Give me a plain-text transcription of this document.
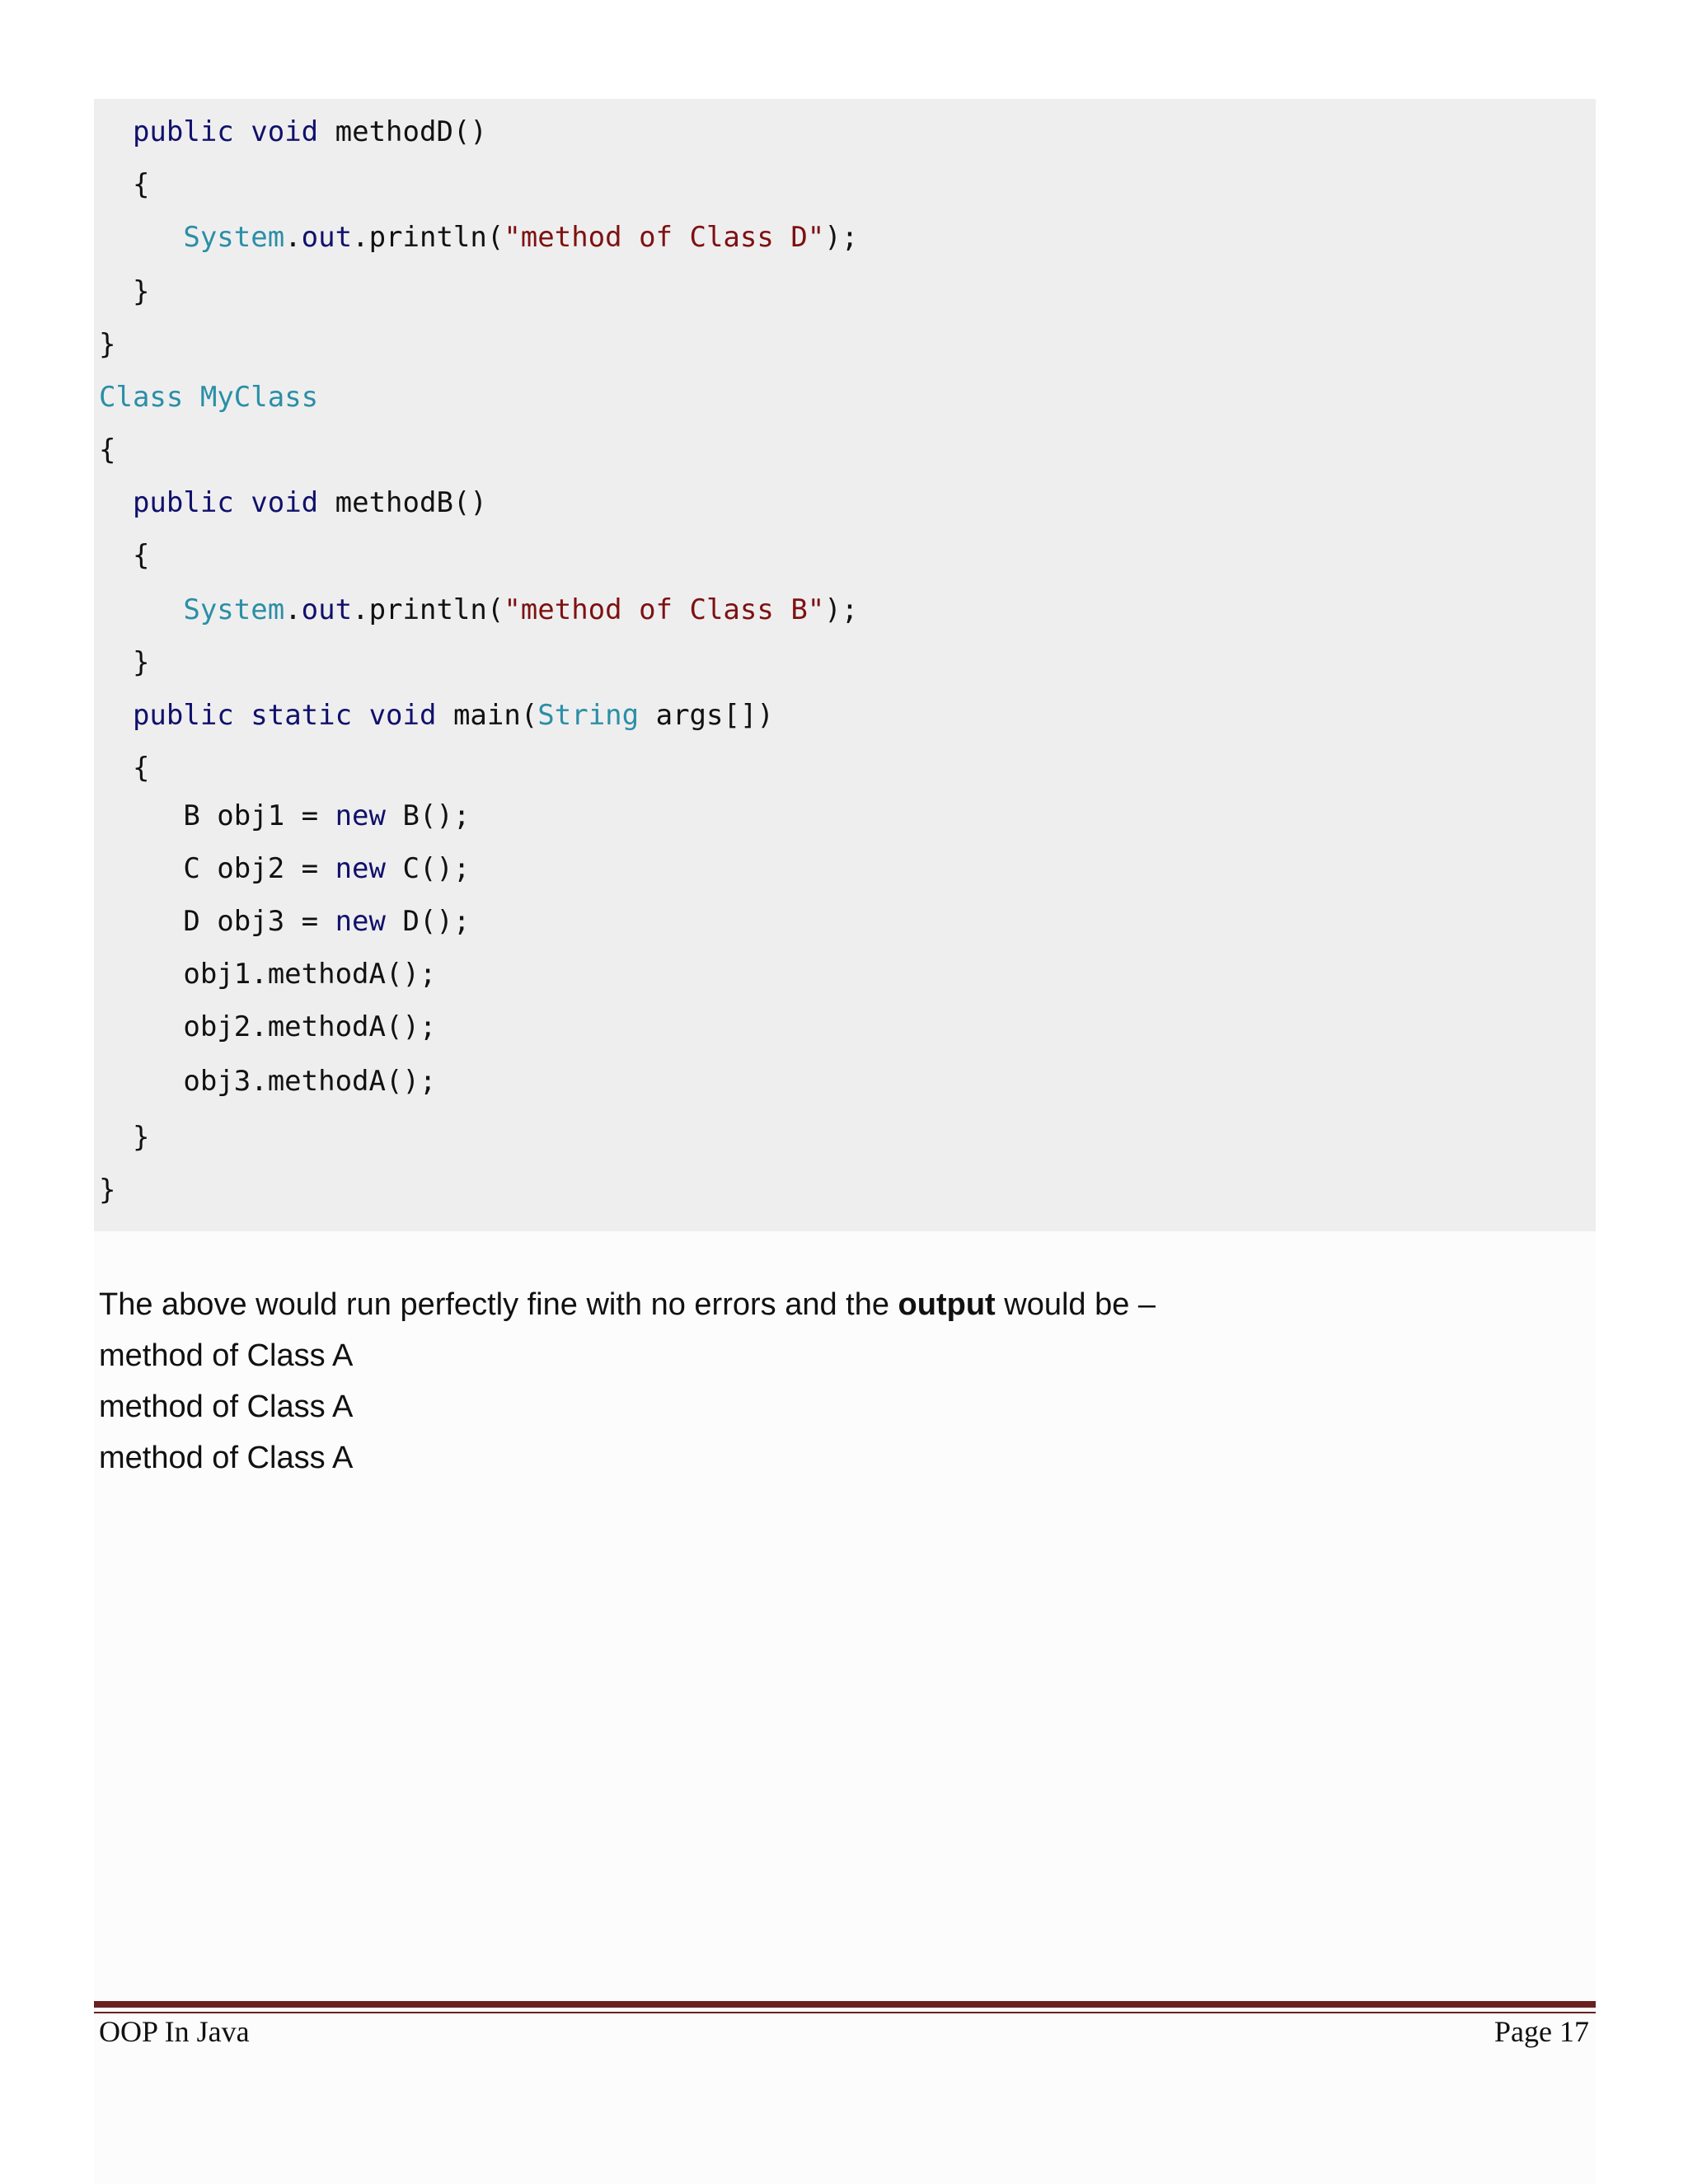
public void methodD()
{
System.out.println("method of Class D");
}
}
Class MyClass
{
public void methodB()
{
System.out.println("method of Class B");
}
public static void main(String args[])
{
B obj1 = new B();
C obj2 = new C();
D obj3 = new D();
obj1.methodA();
obj2.methodA();
obj3.methodA();
}
}
The above would run perfectly fine with no errors and the output would be –
method of Class A
method of Class A
method of Class A
OOP In Java	Page 17
